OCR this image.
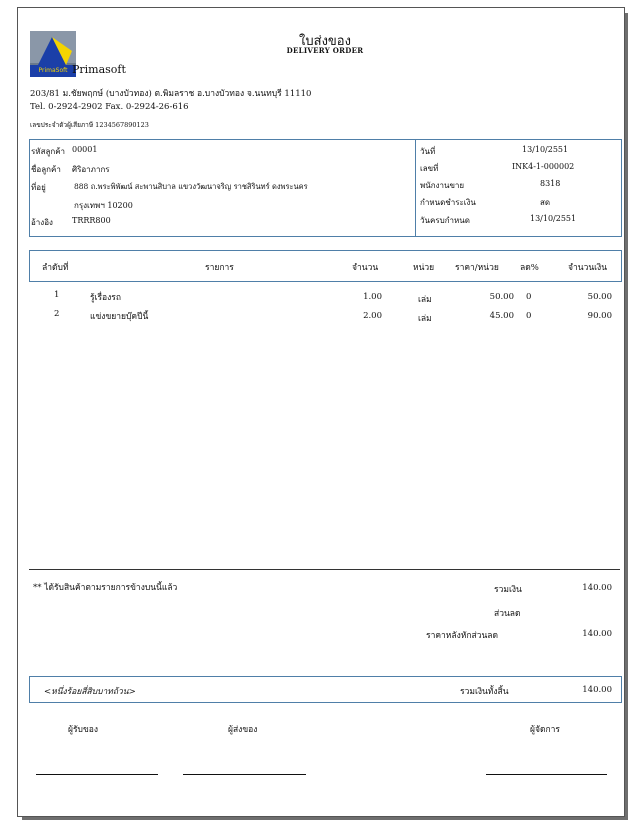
PrimaSoft
ใบส่งของ
DELIVERY ORDER
Primasoft
203/81 ม.ชัยพฤกษ์ (บางบัวทอง) ต.พิมลราช อ.บางบัวทอง จ.นนทบุรี 11110
Tel. 0-2924-2902 Fax. 0-2924-26-616
เลขประจำตัวผู้เสียภาษี 1234567890123
รหัสลูกค้า 00001
ชื่อลูกค้า ศิริอาภากร
ที่อยู่	888 ถ.พระพิพัฒน์ สะพานสิบาล แขวงวัฒนาจริญ ราชสิรินทร์ ดงพระนคร
กรุงเทพฯ 10200
อ้างอิง TRRR800
วันที่	13/10/2551
เลขที่	INK4-1-000002
พนักงานขาย	8318
กำหนดชำระเงิน	สด
วันครบกำหนด	13/10/2551
ลำดับที่	รายการ	จำนวน	หน่วย ราคา/หน่วย ลด%	จำนวนเงิน
1	รู้เรื่องรถ	1.00	เล่ม	50.00 0	50.00
2	แข่งขยายบุ๊คปีนี้	2.00	เล่ม	45.00 0	90.00
** ได้รับสินค้าตามรายการข้างบนนี้แล้ว	รวมเงิน	140.00
ส่วนลด
ราคาหลังหักส่วนลด	140.00
<หนึ่งร้อยสี่สิบบาทถ้วน>	รวมเงินทั้งสิ้น	140.00
ผู้รับของ	ผู้ส่งของ	ผู้จัดการ
